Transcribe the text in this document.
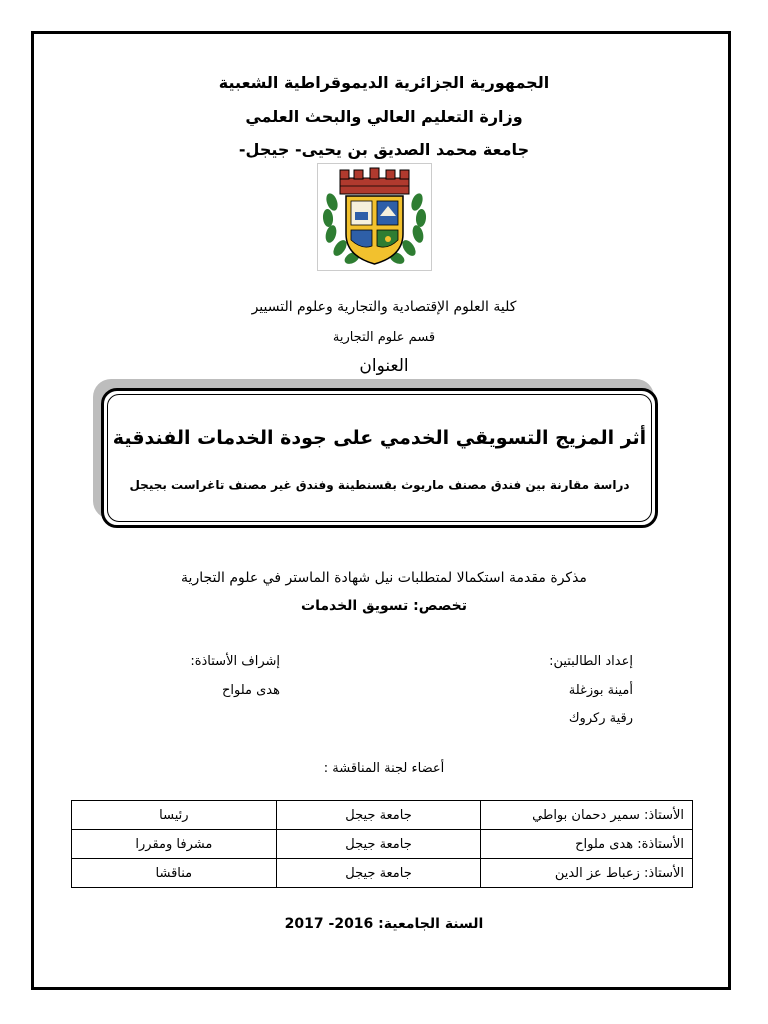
الجمهورية الجزائرية الديموقراطية الشعبية
وزارة التعليم العالي والبحث العلمي
جامعة محمد الصديق بن يحيى- جيجل-
كلية العلوم الإقتصادية والتجارية وعلوم التسيير
قسم علوم التجارية
العنوان
أثر المزيج التسويقي الخدمي على جودة الخدمات الفندقية
دراسة مقارنة بين فندق مصنف ماريوث بقسنطينة وفندق غير مصنف تاغراست بجيجل
مذكرة مقدمة استكمالا لمتطلبات نيل شهادة الماستر في علوم التجارية
تخصص: تسويق الخدمات
إعداد الطالبتين:
أمينة بوزغلة
رقية ركروك
إشراف الأستاذة:
هدى ملواح
أعضاء لجنة المناقشة :
الأستاذ: سمير دحمان بواطي	جامعة جيجل	رئيسا
الأستاذة: هدى ملواح	جامعة جيجل	مشرفا ومقررا
الأستاذ: زعباط عز الدين	جامعة جيجل	مناقشا
السنة الجامعية: 2016- 2017
